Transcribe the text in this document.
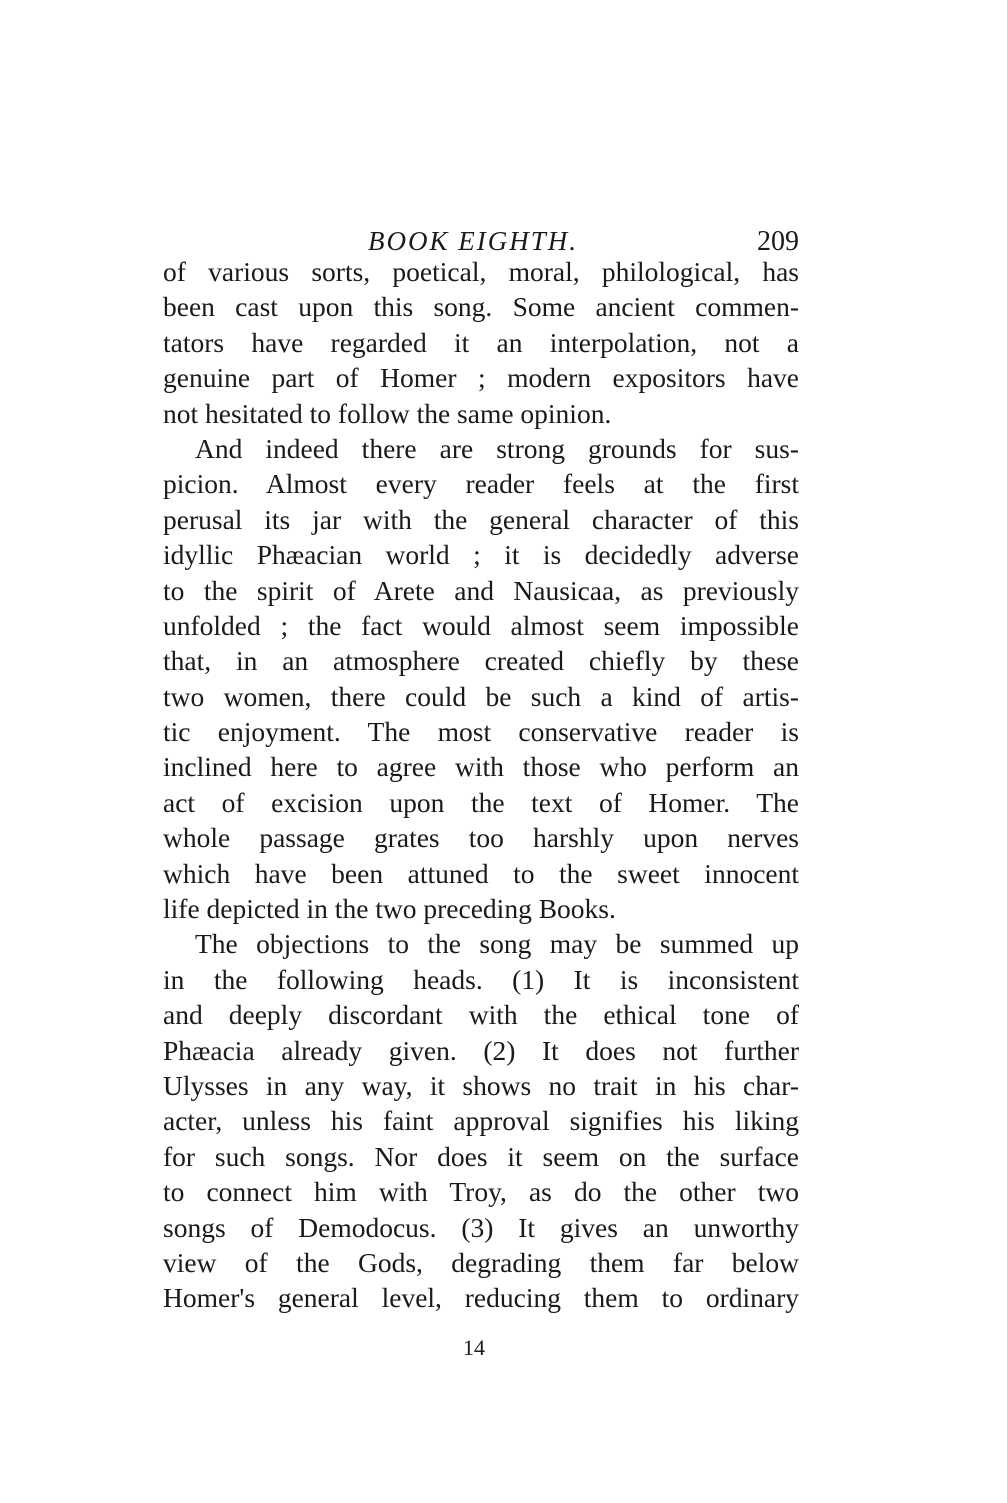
BOOK EIGHTH.	209
of various sorts, poetical, moral, philological, has
been cast upon this song. Some ancient commen-
tators have regarded it an interpolation, not a
genuine part of Homer ; modern expositors have
not hesitated to follow the same opinion.
And indeed there are strong grounds for sus-
picion. Almost every reader feels at the first
perusal its jar with the general character of this
idyllic Phæacian world ; it is decidedly adverse
to the spirit of Arete and Nausicaa, as previously
unfolded ; the fact would almost seem impossible
that, in an atmosphere created chiefly by these
two women, there could be such a kind of artis-
tic enjoyment. The most conservative reader is
inclined here to agree with those who perform an
act of excision upon the text of Homer. The
whole passage grates too harshly upon nerves
which have been attuned to the sweet innocent
life depicted in the two preceding Books.
The objections to the song may be summed up
in the following heads. (1) It is inconsistent
and deeply discordant with the ethical tone of
Phæacia already given. (2) It does not further
Ulysses in any way, it shows no trait in his char-
acter, unless his faint approval signifies his liking
for such songs. Nor does it seem on the surface
to connect him with Troy, as do the other two
songs of Demodocus. (3) It gives an unworthy
view of the Gods, degrading them far below
Homer's general level, reducing them to ordinary
14
